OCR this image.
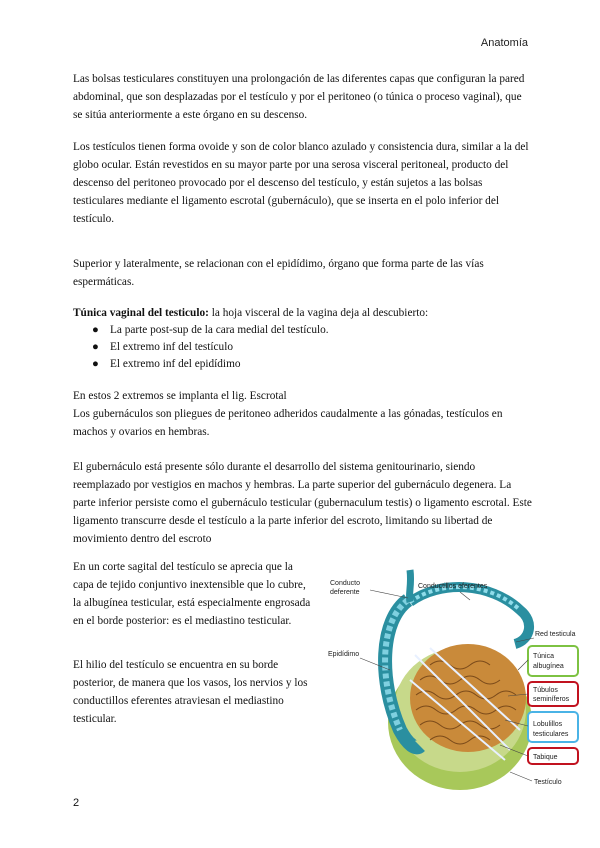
Anatomía

Las bolsas testiculares constituyen una prolongación de las diferentes capas que configuran la pared abdominal, que son desplazadas por el testículo y por el peritoneo (o túnica o proceso vaginal), que se sitúa anteriormente a este órgano en su descenso.

Los testículos tienen forma ovoide y son de color blanco azulado y consistencia dura, similar a la del globo ocular. Están revestidos en su mayor parte por una serosa visceral peritoneal, producto del descenso del peritoneo provocado por el descenso del testículo, y están sujetos a las bolsas testiculares mediante el ligamento escrotal (gubernáculo), que se inserta en el polo inferior del testículo.

Superior y lateralmente, se relacionan con el epidídimo, órgano que forma parte de las vías espermáticas.

Túnica vaginal del testiculo: la hoja visceral de la vagina deja al descubierto:

● La parte post-sup de la cara medial del testículo.
● El extremo inf del testículo
● El extremo inf del epidídimo

En estos 2 extremos se implanta el lig. Escrotal

Los gubernáculos son pliegues de peritoneo adheridos caudalmente a las gónadas, testículos en machos y ovarios en hembras.

El gubernáculo está presente sólo durante el desarrollo del sistema genitourinario, siendo reemplazado por vestigios en machos y hembras. La parte superior del gubernáculo degenera. La parte inferior persiste como el gubernáculo testicular (gubernaculum testis) o ligamento escrotal. Este ligamento transcurre desde el testículo a la parte inferior del escroto, limitando su libertad de movimiento dentro del escroto

En un corte sagital del testículo se aprecia que la capa de tejido conjuntivo inextensible que lo cubre, la albugínea testicular, está especialmente engrosada en el borde posterior: es el mediastino testicular.

El hilio del testículo se encuentra en su borde posterior, de manera que los vasos, los nervios y los conductillos eferentes atraviesan el mediastino testicular.

Conducto
deferente
Conductillos eferentes
Red testicula
Epidídimo	Túnica
albugínea
Túbulos
seminíferos
Lobulillos
testiculares
Tabique
Testículo
2
